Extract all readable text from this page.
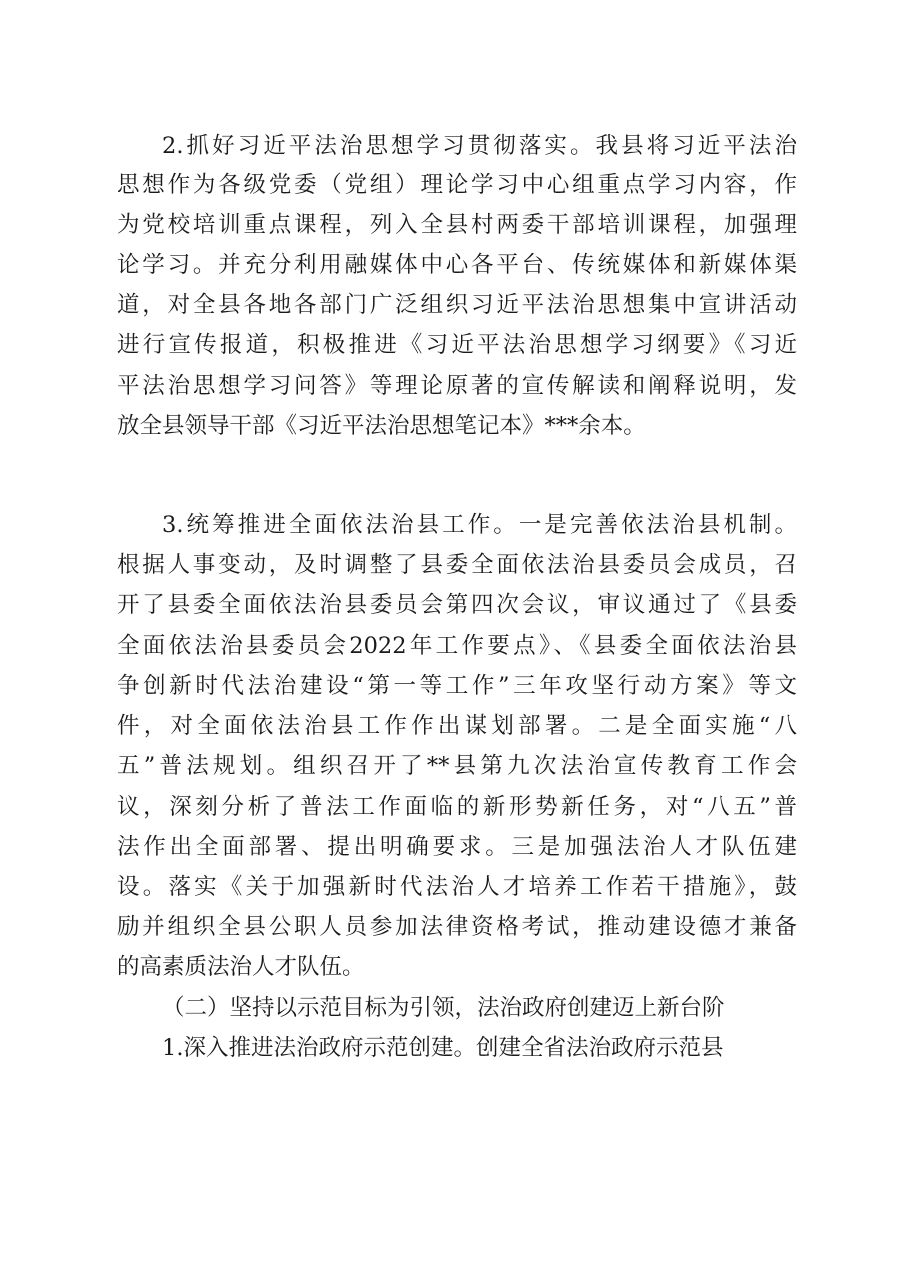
2.抓好习近平法治思想学习贯彻落实。我县将习近平法治
思想作为各级党委（党组）理论学习中心组重点学习内容，作
为党校培训重点课程，列入全县村两委干部培训课程，加强理
论学习。并充分利用融媒体中心各平台、传统媒体和新媒体渠
道，对全县各地各部门广泛组织习近平法治思想集中宣讲活动
进行宣传报道，积极推进《习近平法治思想学习纲要》《习近
平法治思想学习问答》等理论原著的宣传解读和阐释说明，发
放全县领导干部《习近平法治思想笔记本》***余本。
3.统筹推进全面依法治县工作。一是完善依法治县机制。
根据人事变动，及时调整了县委全面依法治县委员会成员，召
开了县委全面依法治县委员会第四次会议，审议通过了《县委
全面依法治县委员会2022年工作要点》、《县委全面依法治县
争创新时代法治建设“第一等工作”三年攻坚行动方案》等文
件，对全面依法治县工作作出谋划部署。二是全面实施“八
五”普法规划。组织召开了**县第九次法治宣传教育工作会
议，深刻分析了普法工作面临的新形势新任务，对“八五”普
法作出全面部署、提出明确要求。三是加强法治人才队伍建
设。落实《关于加强新时代法治人才培养工作若干措施》，鼓
励并组织全县公职人员参加法律资格考试，推动建设德才兼备
的高素质法治人才队伍。
（二）坚持以示范目标为引领，法治政府创建迈上新台阶
1.深入推进法治政府示范创建。创建全省法治政府示范县
